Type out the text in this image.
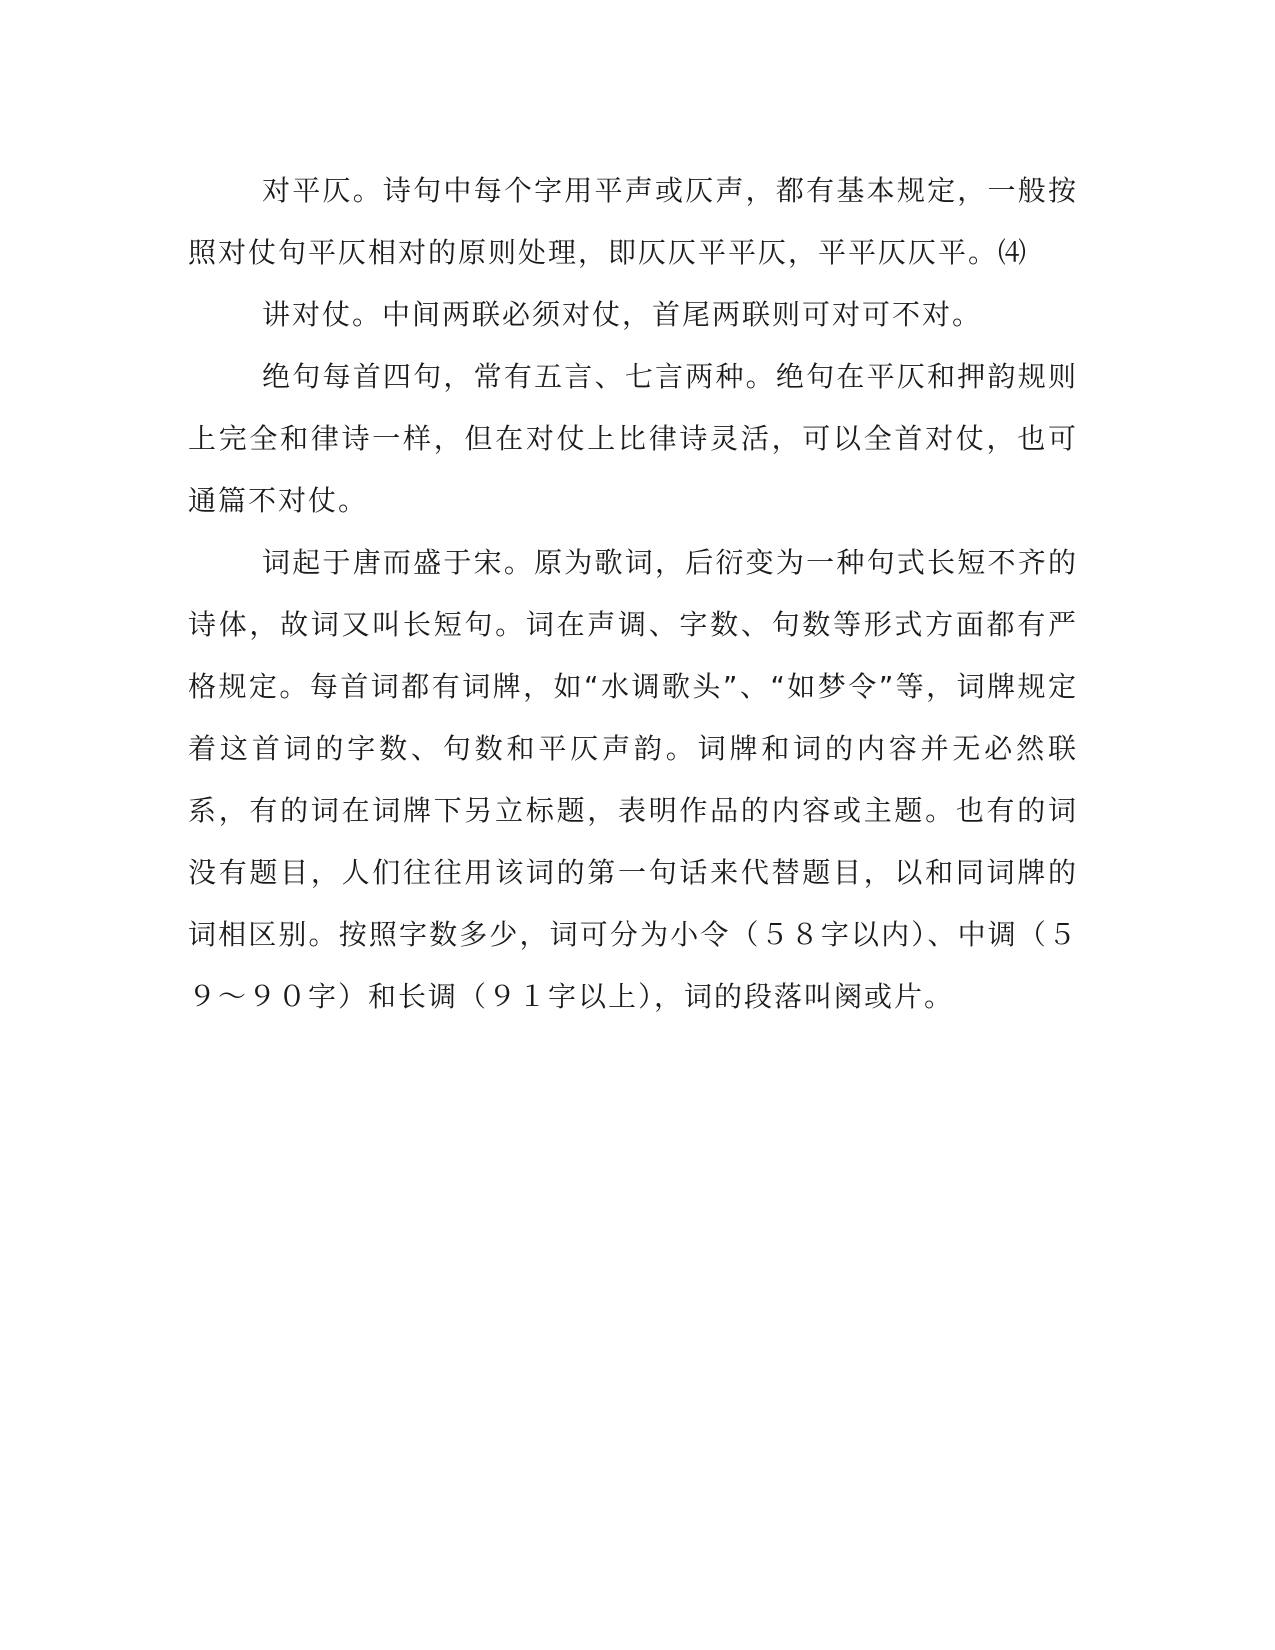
对平仄。诗句中每个字用平声或仄声，都有基本规定，一般按照对仗句平仄相对的原则处理，即仄仄平平仄，平平仄仄平。⑷

讲对仗。中间两联必须对仗，首尾两联则可对可不对。

绝句每首四句，常有五言、七言两种。绝句在平仄和押韵规则上完全和律诗一样，但在对仗上比律诗灵活，可以全首对仗，也可通篇不对仗。

词起于唐而盛于宋。原为歌词，后衍变为一种句式长短不齐的诗体，故词又叫长短句。词在声调、字数、句数等形式方面都有严格规定。每首词都有词牌，如“水调歌头”、“如梦令”等，词牌规定着这首词的字数、句数和平仄声韵。词牌和词的内容并无必然联系，有的词在词牌下另立标题，表明作品的内容或主题。也有的词没有题目，人们往往用该词的第一句话来代替题目，以和同词牌的词相区别。按照字数多少，词可分为小令（５８字以内）、中调（５９～９０字）和长调（９１字以上），词的段落叫阕或片。
